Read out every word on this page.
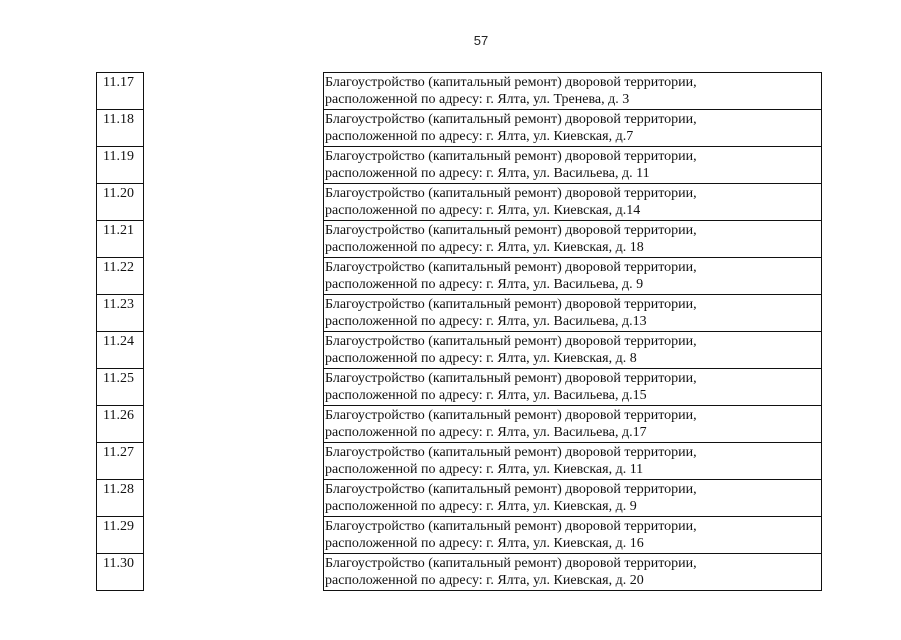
57
11.17
11.18
11.19
11.20
11.21
11.22
11.23
11.24
11.25
11.26
11.27
11.28
11.29
11.30
Благоустройство (капитальный ремонт) дворовой территории,
расположенной по адресу: г. Ялта, ул. Тренева, д. 3
Благоустройство (капитальный ремонт) дворовой территории,
расположенной по адресу: г. Ялта, ул. Киевская, д.7
Благоустройство (капитальный ремонт) дворовой территории,
расположенной по адресу: г. Ялта, ул. Васильева, д. 11
Благоустройство (капитальный ремонт) дворовой территории,
расположенной по адресу: г. Ялта, ул. Киевская, д.14
Благоустройство (капитальный ремонт) дворовой территории,
расположенной по адресу: г. Ялта, ул. Киевская, д. 18
Благоустройство (капитальный ремонт) дворовой территории,
расположенной по адресу: г. Ялта, ул. Васильева, д. 9
Благоустройство (капитальный ремонт) дворовой территории,
расположенной по адресу: г. Ялта, ул. Васильева, д.13
Благоустройство (капитальный ремонт) дворовой территории,
расположенной по адресу: г. Ялта, ул. Киевская, д. 8
Благоустройство (капитальный ремонт) дворовой территории,
расположенной по адресу: г. Ялта, ул. Васильева, д.15
Благоустройство (капитальный ремонт) дворовой территории,
расположенной по адресу: г. Ялта, ул. Васильева, д.17
Благоустройство (капитальный ремонт) дворовой территории,
расположенной по адресу: г. Ялта, ул. Киевская, д. 11
Благоустройство (капитальный ремонт) дворовой территории,
расположенной по адресу: г. Ялта, ул. Киевская, д. 9
Благоустройство (капитальный ремонт) дворовой территории,
расположенной по адресу: г. Ялта, ул. Киевская, д. 16
Благоустройство (капитальный ремонт) дворовой территории,
расположенной по адресу: г. Ялта, ул. Киевская, д. 20
